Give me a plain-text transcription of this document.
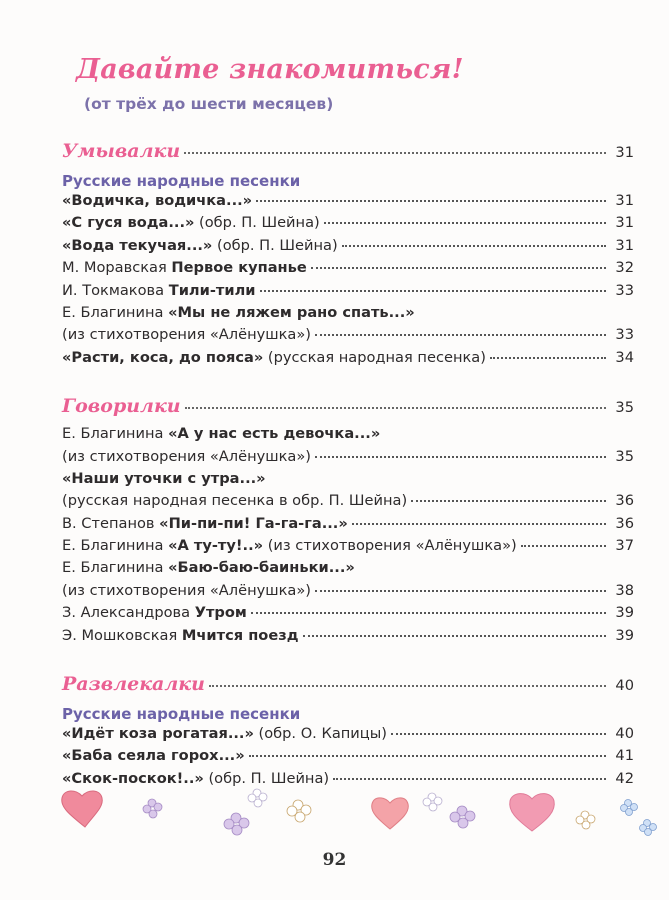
Давайте знакомиться!
(от трёх до шести месяцев)
Умывалки	31
Русские народные песенки
«Водичка, водичка...»	31
«С гуся вода...» (обр. П. Шейна)	31
«Вода текучая...» (обр. П. Шейна)	31
М. Моравская Первое купанье	32
И. Токмакова Тили-тили	33
Е. Благинина «Мы не ляжем рано спать...»
(из стихотворения «Алёнушка»)	33
«Расти, коса, до пояса» (русская народная песенка)	34
Говорилки	35
Е. Благинина «А у нас есть девочка...»
(из стихотворения «Алёнушка»)	35
«Наши уточки с утра...»
(русская народная песенка в обр. П. Шейна)	36
В. Степанов «Пи-пи-пи! Га-га-га...»	36
Е. Благинина «А ту-ту!..» (из стихотворения «Алёнушка»)	37
Е. Благинина «Баю-баю-баиньки...»
(из стихотворения «Алёнушка»)	38
З. Александрова Утром	39
Э. Мошковская Мчится поезд	39
Развлекалки	40
Русские народные песенки
«Идёт коза рогатая...» (обр. О. Капицы)	40
«Баба сеяла горох...»	41
«Скок-поскок!..» (обр. П. Шейна)	42
92
